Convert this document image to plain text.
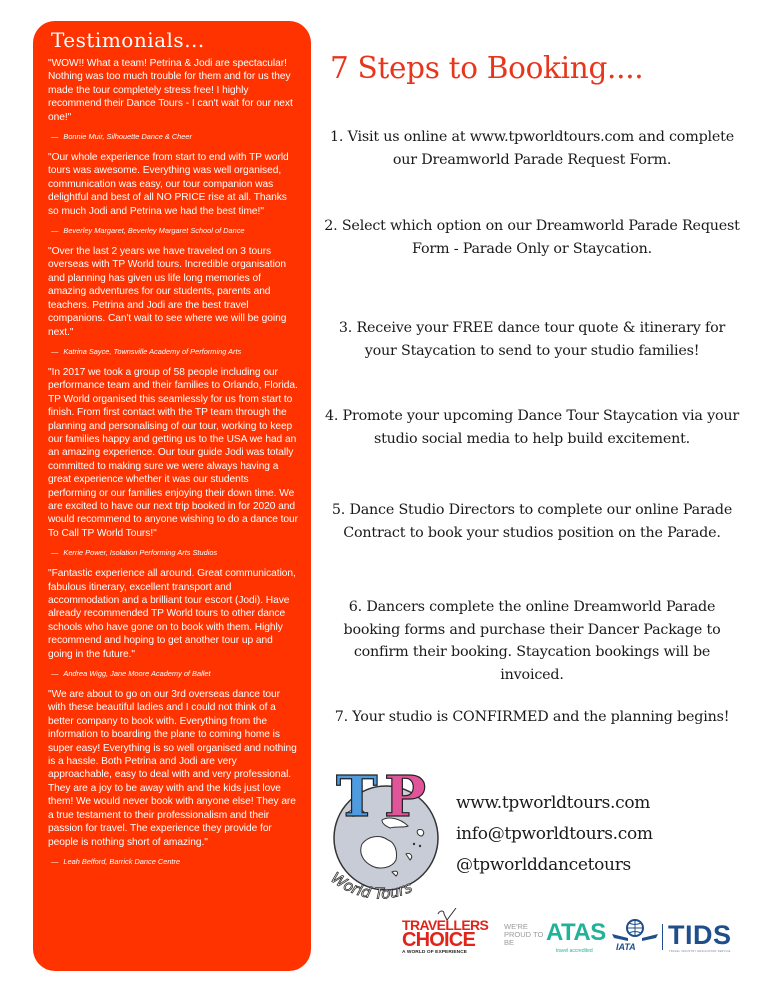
Testimonials...

"WOW!! What a team! Petrina & Jodi are spectacular! Nothing was too much trouble for them and for us they made the tour completely stress free! I highly recommend their Dance Tours - I can't wait for our next one!"

— Bonnie Muir, Silhouette Dance & Cheer

"Our whole experience from start to end with TP world tours was awesome. Everything was well organised, communication was easy, our tour companion was delightful and best of all NO PRICE rise at all. Thanks so much Jodi and Petrina we had the best time!"

— Beverley Margaret, Beverley Margaret School of Dance

"Over the last 2 years we have traveled on 3 tours overseas with TP World tours. Incredible organisation and planning has given us life long memories of amazing adventures for our students, parents and teachers. Petrina and Jodi are the best travel companions. Can't wait to see where we will be going next."

— Katrina Sayce, Townsville Academy of Performing Arts

"In 2017 we took a group of 58 people including our performance team and their families to Orlando, Florida. TP World organised this seamlessly for us from start to finish. From first contact with the TP team through the planning and personalising of our tour, working to keep our families happy and getting us to the USA we had an an amazing experience. Our tour guide Jodi was totally committed to making sure we were always having a great experience whether it was our students performing or our families enjoying their down time. We are excited to have our next trip booked in for 2020 and would recommend to anyone wishing to do a dance tour To Call TP World Tours!"

— Kerrie Power, Isolation Performing Arts Studios

"Fantastic experience all around. Great communication, fabulous itinerary, excellent transport and accommodation and a brilliant tour escort (Jodi). Have already recommended TP World tours to other dance schools who have gone on to book with them. Highly recommend and hoping to get another tour up and going in the future."

— Andrea Wigg, Jane Moore Academy of Ballet

"We are about to go on our 3rd overseas dance tour with these beautiful ladies and I could not think of a better company to book with. Everything from the information to boarding the plane to coming home is super easy! Everything is so well organised and nothing is a hassle. Both Petrina and Jodi are very approachable, easy to deal with and very professional. They are a joy to be away with and the kids just love them! We would never book with anyone else! They are a true testament to their professionalism and their passion for travel. The experience they provide for people is nothing short of amazing."

— Leah Belford, Barrick Dance Centre

7 Steps to Booking....

1. Visit us online at www.tpworldtours.com and complete our Dreamworld Parade Request Form.

2. Select which option on our Dreamworld Parade Request Form - Parade Only or Staycation.

3. Receive your FREE dance tour quote & itinerary for your Staycation to send to your studio families!

4. Promote your upcoming Dance Tour Staycation via your studio social media to help build excitement.

5. Dance Studio Directors to complete our online Parade Contract to book your studios position on the Parade.

6. Dancers complete the online Dreamworld Parade booking forms and purchase their Dancer Package to confirm their booking. Staycation bookings will be invoiced.

7. Your studio is CONFIRMED and the planning begins!

T P
World Tours
www.tpworldtours.com
info@tpworldtours.com
@tpworlddancetours
TRAVELLERS
CHOICE
A WORLD OF EXPERIENCE
WE'RE PROUD TO BE	ATAS
travel accredited	IATA TIDS
TRAVEL INDUSTRY DESIGNATOR SERVICE
